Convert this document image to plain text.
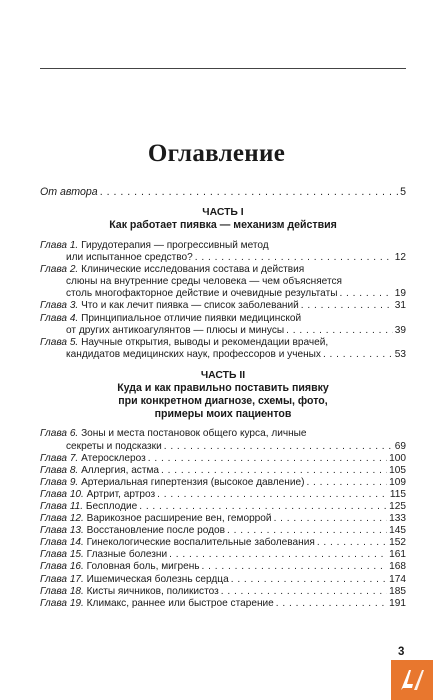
Оглавление
От автора . . .	5
ЧАСТЬ I
Как работает пиявка — механизм действия
Глава 1. Гирудотерапия — прогрессивный метод
или испытанное средство? . . .	12
Глава 2. Клинические исследования состава и действия
слюны на внутренние среды человека — чем объясняется
столь многофакторное действие и очевидные результаты . . .	19
Глава 3. Что и как лечит пиявка — список заболеваний . . .	31
Глава 4. Принципиальное отличие пиявки медицинской
от других антикоагулянтов — плюсы и минусы . . .	39
Глава 5. Научные открытия, выводы и рекомендации врачей,
кандидатов медицинских наук, профессоров и ученых . . .	53
ЧАСТЬ II
Куда и как правильно поставить пиявку
при конкретном диагнозе, схемы, фото,
примеры моих пациентов
Глава 6. Зоны и места постановок общего курса, личные
секреты и подсказки . . .	69
Глава 7. Атеросклероз . . .	100
Глава 8. Аллергия, астма . . .	105
Глава 9. Артериальная гипертензия (высокое давление) . . .	109
Глава 10. Артрит, артроз . . .	115
Глава 11. Бесплодие . . .	125
Глава 12. Варикозное расширение вен, геморрой . . .	133
Глава 13. Восстановление после родов . . .	145
Глава 14. Гинекологические воспалительные заболевания . . .	152
Глава 15. Глазные болезни . . .	161
Глава 16. Головная боль, мигрень . . .	168
Глава 17. Ишемическая болезнь сердца . . .	174
Глава 18. Кисты яичников, поликистоз . . .	185
Глава 19. Климакс, раннее или быстрое старение . . .	191
3
